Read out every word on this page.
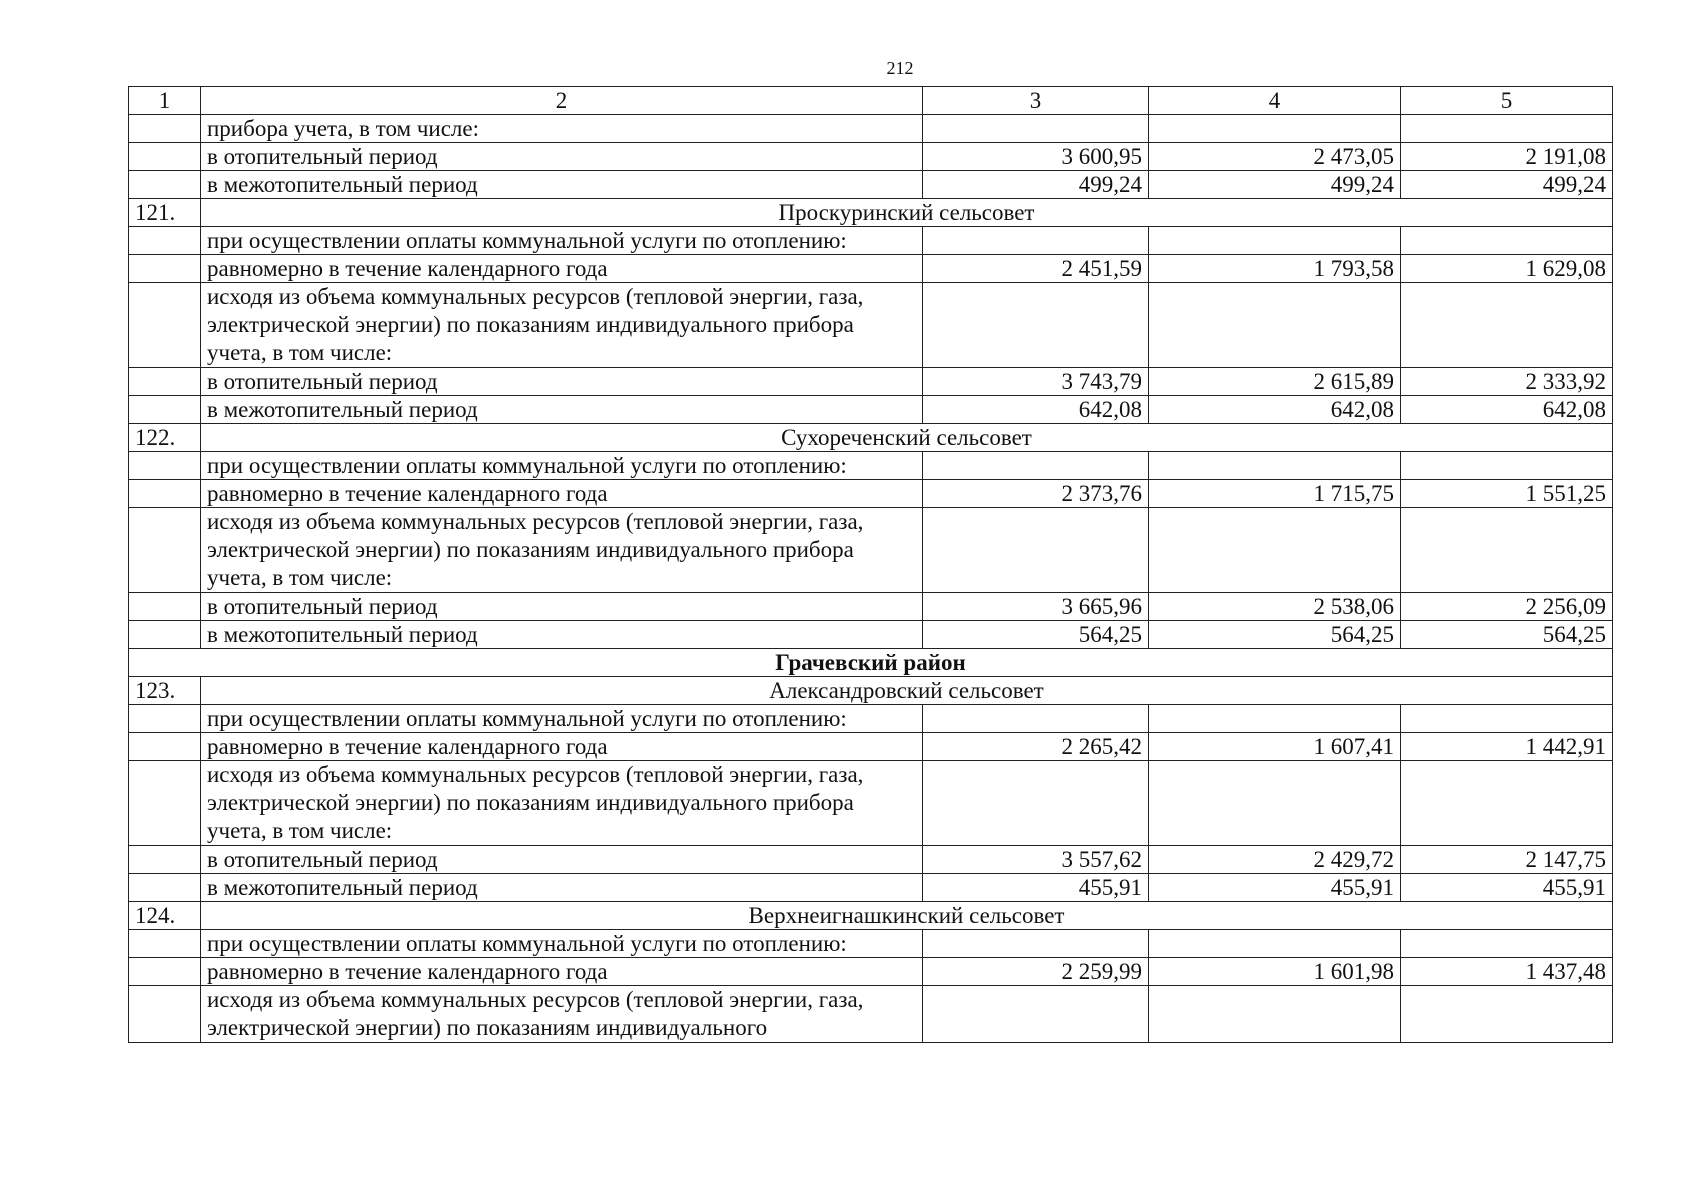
212
1	2	3	4	5
	прибора учета, в том числе:			
	в отопительный период	3 600,95	2 473,05	2 191,08
	в межотопительный период	499,24	499,24	499,24
121.	Проскуринский сельсовет			
	при осуществлении оплаты коммунальной услуги по отоплению:			
	равномерно в течение календарного года	2 451,59	1 793,58	1 629,08
	исходя из объема коммунальных ресурсов (тепловой энергии, газа, электрической энергии) по показаниям индивидуального прибора учета, в том числе:			
	в отопительный период	3 743,79	2 615,89	2 333,92
	в межотопительный период	642,08	642,08	642,08
122.	Сухореченский сельсовет			
	при осуществлении оплаты коммунальной услуги по отоплению:			
	равномерно в течение календарного года	2 373,76	1 715,75	1 551,25
	исходя из объема коммунальных ресурсов (тепловой энергии, газа, электрической энергии) по показаниям индивидуального прибора учета, в том числе:			
	в отопительный период	3 665,96	2 538,06	2 256,09
	в межотопительный период	564,25	564,25	564,25
Грачевский район				
123.	Александровский сельсовет			
	при осуществлении оплаты коммунальной услуги по отоплению:			
	равномерно в течение календарного года	2 265,42	1 607,41	1 442,91
	исходя из объема коммунальных ресурсов (тепловой энергии, газа, электрической энергии) по показаниям индивидуального прибора учета, в том числе:			
	в отопительный период	3 557,62	2 429,72	2 147,75
	в межотопительный период	455,91	455,91	455,91
124.	Верхнеигнашкинский сельсовет			
	при осуществлении оплаты коммунальной услуги по отоплению:			
	равномерно в течение календарного года	2 259,99	1 601,98	1 437,48
	исходя из объема коммунальных ресурсов (тепловой энергии, газа, электрической энергии) по показаниям индивидуального			
